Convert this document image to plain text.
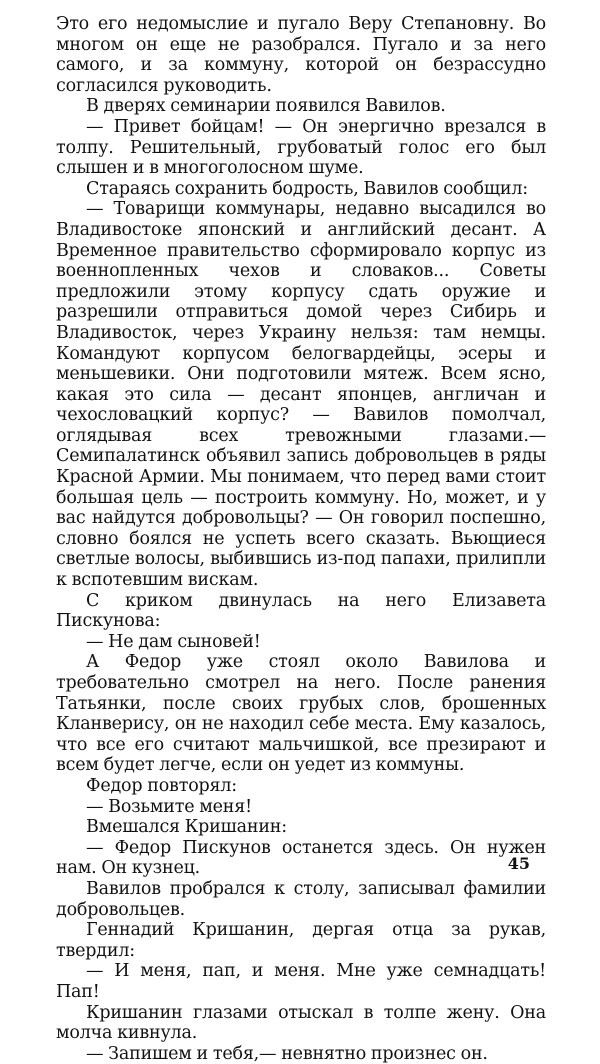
Это его недомыслие и пугало Веру Степановну. Во многом он еще не разобрался. Пугало и за него самого, и за коммуну, которой он безрассудно согласился руководить.

В дверях семинарии появился Вавилов.

— Привет бойцам! — Он энергично врезался в толпу. Решительный, грубоватый голос его был слышен и в многоголосном шуме.

Стараясь сохранить бодрость, Вавилов сообщил:

— Товарищи коммунары, недавно высадился во Владивостоке японский и английский десант. А Временное правительство сформировало корпус из военнопленных чехов и словаков... Советы предложили этому корпусу сдать оружие и разрешили отправиться домой через Сибирь и Владивосток, через Украину нельзя: там немцы. Командуют корпусом белогвардейцы, эсеры и меньшевики. Они подготовили мятеж. Всем ясно, какая это сила — десант японцев, англичан и чехословацкий корпус? — Вавилов помолчал, оглядывая всех тревожными глазами.— Семипалатинск объявил запись добровольцев в ряды Красной Армии. Мы понимаем, что перед вами стоит большая цель — построить коммуну. Но, может, и у вас найдутся добровольцы? — Он говорил поспешно, словно боялся не успеть всего сказать. Вьющиеся светлые волосы, выбившись из-под папахи, прилипли к вспотевшим вискам.

С криком двинулась на него Елизавета Пискунова:

— Не дам сыновей!

А Федор уже стоял около Вавилова и требовательно смотрел на него. После ранения Татьянки, после своих грубых слов, брошенных Кланверису, он не находил себе места. Ему казалось, что все его считают мальчишкой, все презирают и всем будет легче, если он уедет из коммуны.

Федор повторял:

— Возьмите меня!

Вмешался Кришанин:

— Федор Пискунов останется здесь. Он нужен нам. Он кузнец.

Вавилов пробрался к столу, записывал фамилии добровольцев.

Геннадий Кришанин, дергая отца за рукав, твердил:

— И меня, пап, и меня. Мне уже семнадцать! Пап!

Кришанин глазами отыскал в толпе жену. Она молча кивнула.

— Запишем и тебя,— невнятно произнес он.

45
